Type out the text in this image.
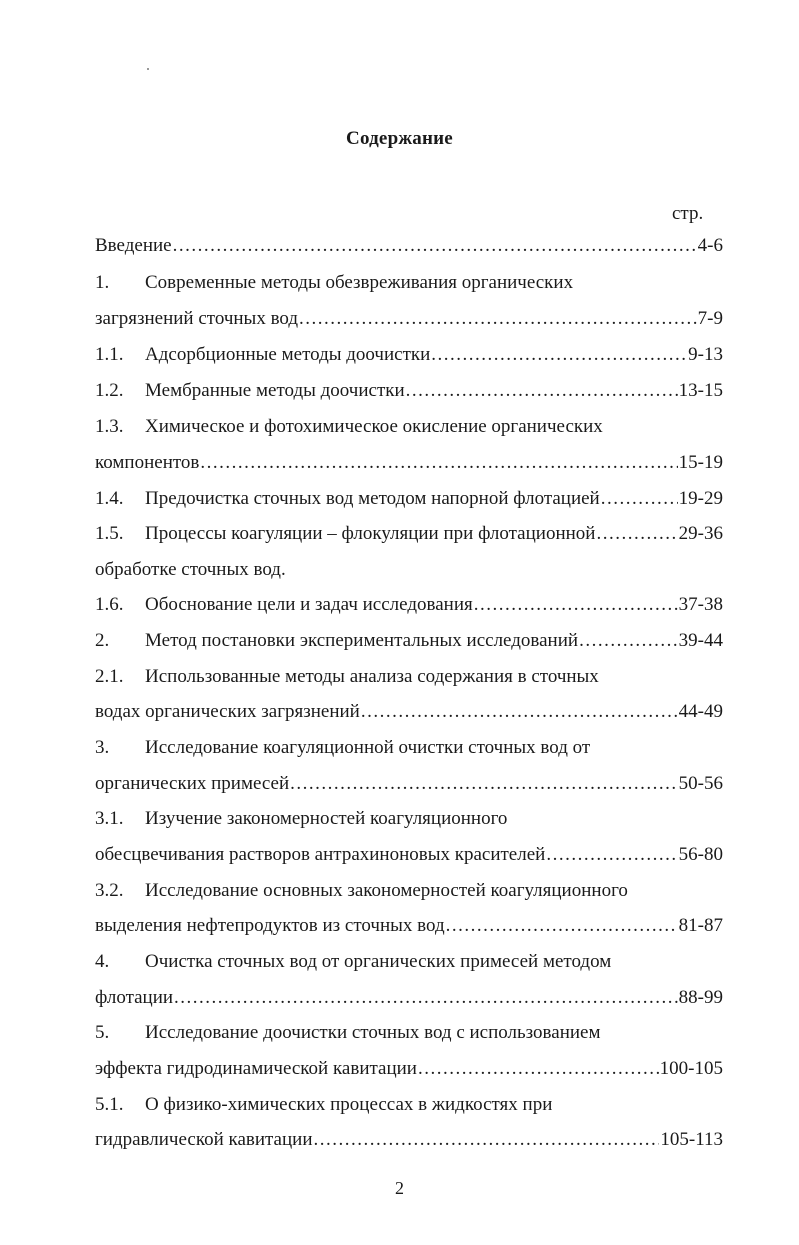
Содержание
стр.
Введение .....	4-6
1. Современные методы обезвреживания органических
загрязнений сточных вод .....	7-9
1.1.	Адсорбционные методы доочистки .....	9-13
1.2.	Мембранные методы доочистки .....	13-15
1.3. Химическое и фотохимическое окисление органических
компонентов .....	15-19
1.4.	Предочистка сточных вод методом напорной флотацией .....	19-29
1.5.	Процессы коагуляции – флокуляции при флотационной .....	29-36
обработке сточных вод.
1.6.	Обоснование цели и задач исследования .....	37-38
2.	Метод постановки экспериментальных исследований .....	39-44
2.1. Использованные методы анализа содержания в сточных
водах органических загрязнений .....	44-49
3. Исследование коагуляционной очистки сточных вод от
органических примесей .....	50-56
3.1. Изучение закономерностей коагуляционного
обесцвечивания растворов антрахиноновых красителей .....	56-80
3.2. Исследование основных закономерностей коагуляционного
выделения нефтепродуктов из сточных вод .....	81-87
4. Очистка сточных вод от органических примесей методом
флотации .....	88-99
5. Исследование доочистки сточных вод с использованием
эффекта гидродинамической кавитации .....	100-105
5.1. О физико-химических процессах в жидкостях при
гидравлической кавитации .....	105-113
2
